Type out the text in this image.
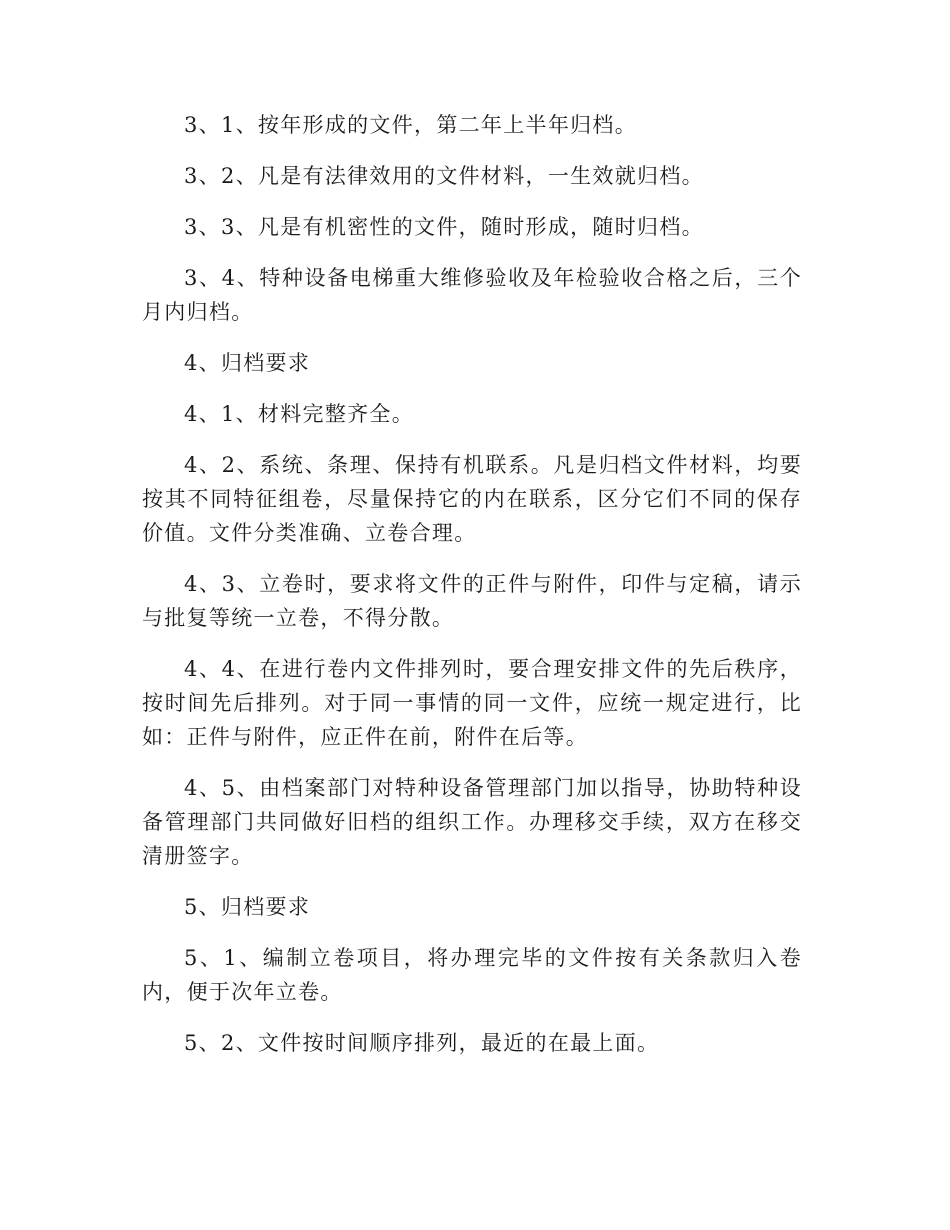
3、1、按年形成的文件，第二年上半年归档。

3、2、凡是有法律效用的文件材料，一生效就归档。

3、3、凡是有机密性的文件，随时形成，随时归档。

3、4、特种设备电梯重大维修验收及年检验收合格之后，三个月内归档。

4、归档要求

4、1、材料完整齐全。

4、2、系统、条理、保持有机联系。凡是归档文件材料，均要按其不同特征组卷，尽量保持它的内在联系，区分它们不同的保存价值。文件分类准确、立卷合理。

4、3、立卷时，要求将文件的正件与附件，印件与定稿，请示与批复等统一立卷，不得分散。

4、4、在进行卷内文件排列时，要合理安排文件的先后秩序，按时间先后排列。对于同一事情的同一文件，应统一规定进行，比如：正件与附件，应正件在前，附件在后等。

4、5、由档案部门对特种设备管理部门加以指导，协助特种设备管理部门共同做好旧档的组织工作。办理移交手续，双方在移交清册签字。

5、归档要求

5、1、编制立卷项目，将办理完毕的文件按有关条款归入卷内，便于次年立卷。

5、2、文件按时间顺序排列，最近的在最上面。
